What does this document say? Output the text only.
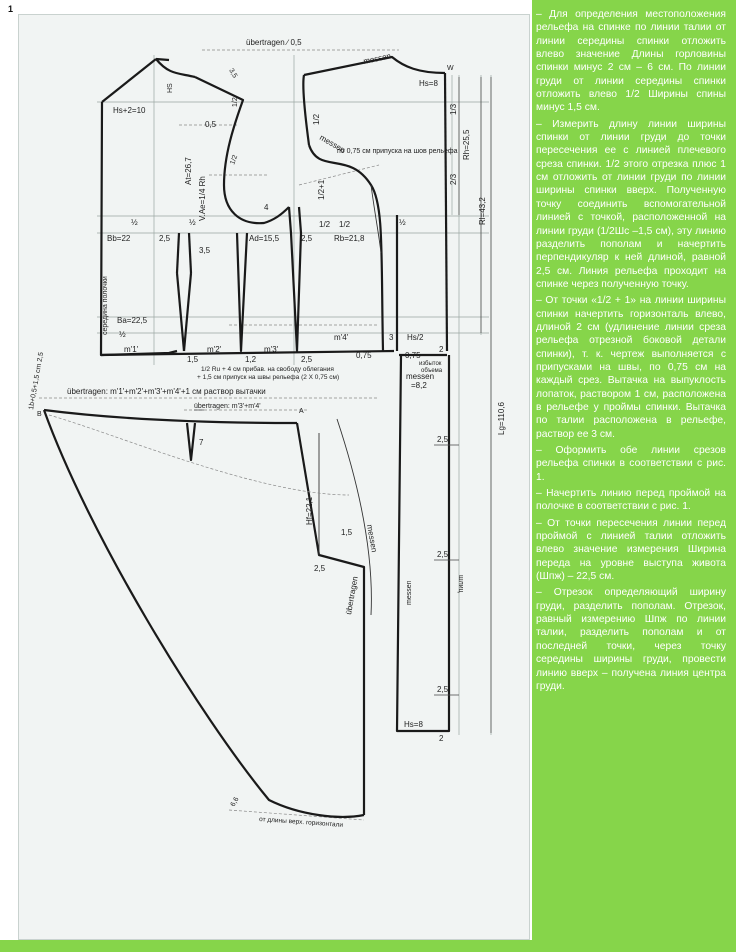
1
übertragen ∕ 0,5
messen
W
Hs=8
Hs+2=10
HS
3,5
1/2
0,5
At=26,7
V.Ae=1/4 Rh
1/2
4
messen
по 0,75 см припуска на шов рельефа
1/2
1/2+1
1/2 1/2
1/3
2/3
Rh=25,5
Rl=43,2
½	½	½
Bb=22	2,5
3,5
Ad=15,5	2,5	Rb=21,8
середина полочки Ba=22,5
½
m'1'	m'2'	m'3'
m'4'	3 Hs/2
2
1,5	1,2	2,5	0,75	0,75
избыток
объема
messen
=8,2
1/2 Ru + 4 см прибав. на свободу облегания
+ 1,5 см припуск на швы рельефа (2 Х 0,75 см)
übertragen: m'1'+m'2'+m'3'+m'4'+1 см раствор вытачки
übertragen: m'3'+m'4'
1b+0,5+1,5 cm 2,5
B	A
7
Hf=22,1
1,5
2,5
messen
übertragen
2,5
2,5
2,5
Lg=110,6
шлиц
messen
Hs=8
2
6,6
от длины верх. горизонтали

– Для определения местоположения рельефа на спинке по линии талии от линии середины спинки отложить влево значение Длины горловины спинки минус 2 см – 6 см. По линии груди от линии середины спинки отложить влево 1/2 Ширины спины минус 1,5 см.

– Измерить длину линии ширины спинки от линии груди до точки пересечения ее с линией плечевого среза спинки. 1/2 этого отрезка плюс 1 см отложить от линии груди по линии ширины спинки вверх. Полученную точку соединить вспомогательной линией с точкой, расположенной на линии груди (1/2Шс –1,5 см), эту линию разделить пополам и начертить перпендикуляр к ней длиной, равной 2,5 см. Линия рельефа проходит на спинке через полученную точку.

– От точки «1/2 + 1» на линии ширины спинки начертить горизонталь влево, длиной 2 см (удлинение линии среза рельефа отрезной боковой детали спинки), т. к. чертеж выполняется с припусками на швы, по 0,75 см на каждый срез. Вытачка на выпуклость лопаток, раствором 1 см, расположена в рельефе у проймы спинки. Вытачка по талии расположена в рельефе, раствор ее 3 см.

– Оформить обе линии срезов рельефа спинки в соответствии с рис. 1.

– Начертить линию перед проймой на полочке в соответствии с рис. 1.

– От точки пересечения линии перед проймой с линией талии отложить влево значение измерения Ширина переда на уровне выступа живота (Шпж) – 22,5 см.

– Отрезок определяющий ширину груди, разделить пополам. Отрезок, равный измерению Шпж по линии талии, разделить пополам и от последней точки, через точку середины ширины груди, провести линию вверх – получена линия центра груди.
